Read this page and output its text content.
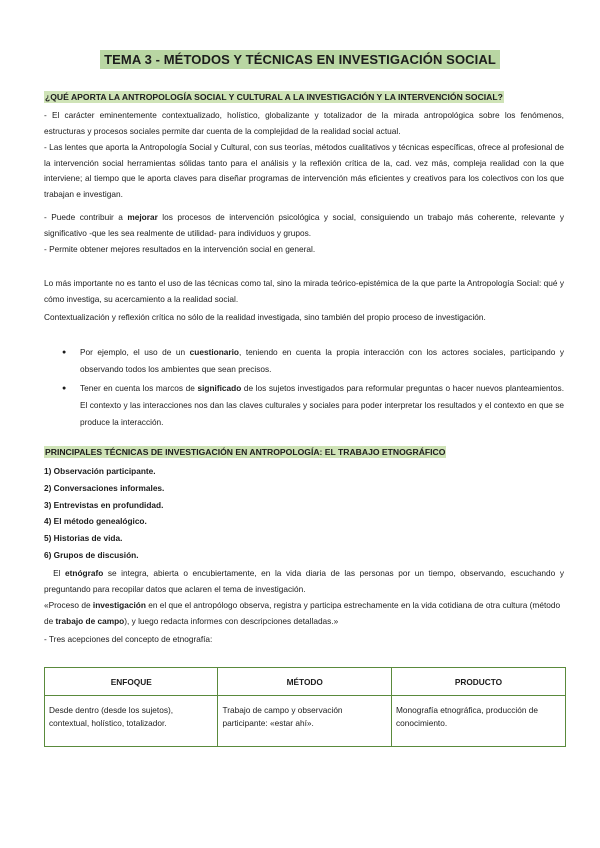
TEMA 3 - MÉTODOS Y TÉCNICAS EN INVESTIGACIÓN SOCIAL
¿QUÉ APORTA LA ANTROPOLOGÍA SOCIAL Y CULTURAL A LA INVESTIGACIÓN Y LA INTERVENCIÓN SOCIAL?
- El carácter eminentemente contextualizado, holístico, globalizante y totalizador de la mirada antropológica sobre los fenómenos, estructuras y procesos sociales permite dar cuenta de la complejidad de la realidad social actual.
- Las lentes que aporta la Antropología Social y Cultural, con sus teorías, métodos cualitativos y técnicas específicas, ofrece al profesional de la intervención social herramientas sólidas tanto para el análisis y la reflexión crítica de la, cad. vez más, compleja realidad con la que interviene; al tiempo que le aporta claves para diseñar programas de intervención más eficientes y creativos para los colectivos con los que trabajan e investigan.
- Puede contribuir a mejorar los procesos de intervención psicológica y social, consiguiendo un trabajo más coherente, relevante y significativo -que les sea realmente de utilidad- para individuos y grupos.
- Permite obtener mejores resultados en la intervención social en general.
Lo más importante no es tanto el uso de las técnicas como tal, sino la mirada teórico-epistémica de la que parte la Antropología Social: qué y cómo investiga, su acercamiento a la realidad social.
Contextualización y reflexión crítica no sólo de la realidad investigada, sino también del propio proceso de investigación.
● Por ejemplo, el uso de un cuestionario, teniendo en cuenta la propia interacción con los actores sociales, participando y observando todos los ambientes que sean precisos.
● Tener en cuenta los marcos de significado de los sujetos investigados para reformular preguntas o hacer nuevos planteamientos. El contexto y las interacciones nos dan las claves culturales y sociales para poder interpretar los resultados y el contexto en que se produce la interacción.
PRINCIPALES TÉCNICAS DE INVESTIGACIÓN EN ANTROPOLOGÍA: EL TRABAJO ETNOGRÁFICO
1) Observación participante.
2) Conversaciones informales.
3) Entrevistas en profundidad.
4) El método genealógico.
5) Historias de vida.
6) Grupos de discusión.
El etnógrafo se integra, abierta o encubiertamente, en la vida diaria de las personas por un tiempo, observando, escuchando y preguntando para recopilar datos que aclaren el tema de investigación.
«Proceso de investigación en el que el antropólogo observa, registra y participa estrechamente en la vida cotidiana de otra cultura (método de trabajo de campo), y luego redacta informes con descripciones detalladas.»
- Tres acepciones del concepto de etnografía:
ENFOQUE	MÉTODO	PRODUCTO
Desde dentro (desde los sujetos), contextual, holístico, totalizador.	Trabajo de campo y observación participante: «estar ahí».	Monografía etnográfica, producción de conocimiento.
